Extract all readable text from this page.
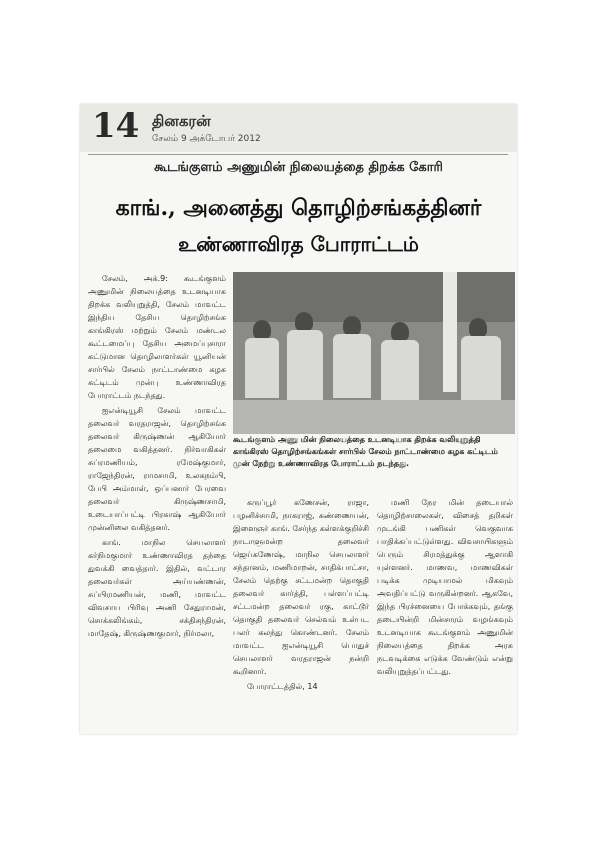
14 தினகரன்
சேலம் 9 அக்டோபர் 2012
கூடங்குளம் அணுமின் நிலையத்தை திறக்க கோரி
காங்., அனைத்து தொழிற்சங்கத்தினர்
உண்ணாவிரத போராட்டம்

சேலம், அக்.9: கூடங்குளம் அணுமின் நிலையத்தை உடனடியாக திறக்க வலியுறுத்தி, சேலம் மாவட்ட இந்திய தேசிய தொழிற்சங்க காங்கிரஸ் மற்றும் சேலம் மண்டல கூட்டமைப்பு தேசிய அமைப்புசாரா கட்டுமான தொழிலாளர்கள் யூனியன் சார்பில் சேலம் நாட்டாண்மை கழக கட்டிடம் முன்பு உண்ணாவிரத போராட்டம் நடந்தது.

ஐஎன்டியூசி சேலம் மாவட்ட தலைவர் வரதராஜன், தொழிற்சங்க தலைவர் கிருஷ்ணன் ஆகியோர் தலைமை வகித்தனர். நிர்வாகிகள் சுப்ரமணியம், ரமேஷ்குமார், ராஜேந்திரன், ராமசாமி, உலகநம்பி, பேபி அம்மாள், ஒப்பனார் பேரவை தலைவர் கிருஷ்ணசாமி, உடையாப்பட்டி பிரகாஷ் ஆகியோர் முன்னிலை வகித்தனர்.

காங். மாநில செயலாளர் கர்நிமகுமார் உண்ணாவிரத தந்தை துவக்கி வைத்தார். இதில், வட்டார தலைவர்கள் அய்யண்ணன், சுப்பிரமணியன், மணி, மாவட்ட விவசாய பிரிவு அணி சேதுராமன், சொக்கலிங்கம், சக்திசந்திரன், மாதேஷ், கிருஷ்ணகுமார், நிர்மலா,

கூடங்குளம் அணு மின் நிலையத்தை உடனடியாக திறக்க வலியுறுத்தி காங்கிரஸ் தொழிற்சங்கங்கள் சார்பில் சேலம் நாட்டாண்மை கழக கட்டிடம் முன் நேற்று உண்ணாவிரத போராட்டம் நடந்தது.

கருப்பூர் கணேசன், ராஜா, பழனிச்சாமி, நாகராஜ், கண்ணையன், இளைஞர் காங். சேர்ந்த கள்ளக்குறிச்சி நாடாளுமன்ற தலைவர் ஜெய்கணேஷ், மாநில செயலாளர் சந்தானம், மணிமாறன், சாதிக்பாட்சா, சேலம் தெற்கு சட்டமன்ற தொகுதி தலைவர் கார்த்தி, பள்ளப்பட்டி சட்டமன்ற தலைவர் ரகு, காட்டூர் தொகுதி தலைவர் செல்வம் உள்பட பலர் கலந்து கொண்டனர். சேலம் மாவட்ட ஐஎன்டியூசி பொதுச் செயலாளர் வரதராஜன் நன்றி கூறினார்.

போராட்டத்தில், 14

மணி நேர மின் தடையால் தொழிற்சாலைகள், விசைத் தறிகள் முடங்கி பணிகள் வெகுவாக பாதிக்கப்பட்டுள்ளது. விவசாயிகளும் பெரும் சிரமத்துக்கு ஆளாகி யுள்ளனர். மாணவ, மாணவிகள் படிக்க முடியாமல் மிகவும் அவதிப்பட்டு வருகின்றனர். ஆகவே, இந்த பிரச்னையை போக்கவும், தங்கு தடையின்றி மின்சாரம் வழங்கவும் உடனடியாக கூடங்குளம் அணுமின் நிலையத்தை திறக்க அரசு நடவடிக்கை எடுக்க வேண்டும் என்று வலியுறுத்தப்பட்டது.
